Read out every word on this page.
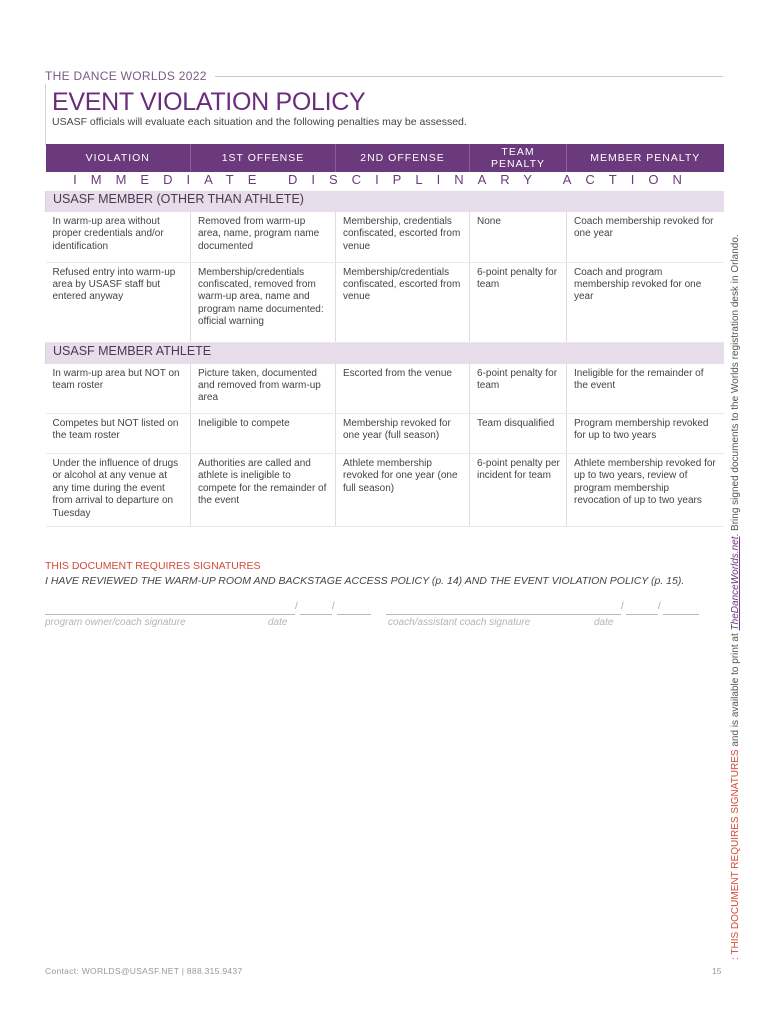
THE DANCE WORLDS 2022
EVENT VIOLATION POLICY
USASF officials will evaluate each situation and the following penalties may be assessed.
VIOLATION	1ST OFFENSE	2ND OFFENSE	TEAM PENALTY	MEMBER PENALTY
IMMEDIATE DISCIPLINARY ACTION				
USASF MEMBER (OTHER THAN ATHLETE)				
In warm-up area without proper credentials and/or identification	Removed from warm-up area, name, program name documented	Membership, credentials confiscated, escorted from venue	None	Coach membership revoked for one year
Refused entry into warm-up area by USASF staff but entered anyway	Membership/credentials confiscated, removed from warm-up area, name and program name documented: official warning	Membership/credentials confiscated, escorted from venue	6-point penalty for team	Coach and program membership revoked for one year
USASF MEMBER ATHLETE				
In warm-up area but NOT on team roster	Picture taken, documented and removed from warm-up area	Escorted from the venue	6-point penalty for team	Ineligible for the remainder of the event
Competes but NOT listed on the team roster	Ineligible to compete	Membership revoked for one year (full season)	Team disqualified	Program membership revoked for up to two years
Under the influence of drugs or alcohol at any venue at any time during the event from arrival to departure on Tuesday	Authorities are called and athlete is ineligible to compete for the remainder of the event	Athlete membership revoked for one year (one full season)	6-point penalty per incident for team	Athlete membership revoked for up to two years, review of program membership revocation of up to two years
THIS DOCUMENT REQUIRES SIGNATURES
I HAVE REVIEWED THE WARM-UP ROOM AND BACKSTAGE ACCESS POLICY (p. 14) AND THE EVENT VIOLATION POLICY (p. 15).
/	/
program owner/coach signature	date
/	/
coach/assistant coach signature	date
Contact: WORLDS@USASF.NET | 888.315.9437	15
: THIS DOCUMENT REQUIRES SIGNATURES and is available to print at TheDanceWorlds.net. Bring signed documents to the Worlds registration desk in Orlando.
